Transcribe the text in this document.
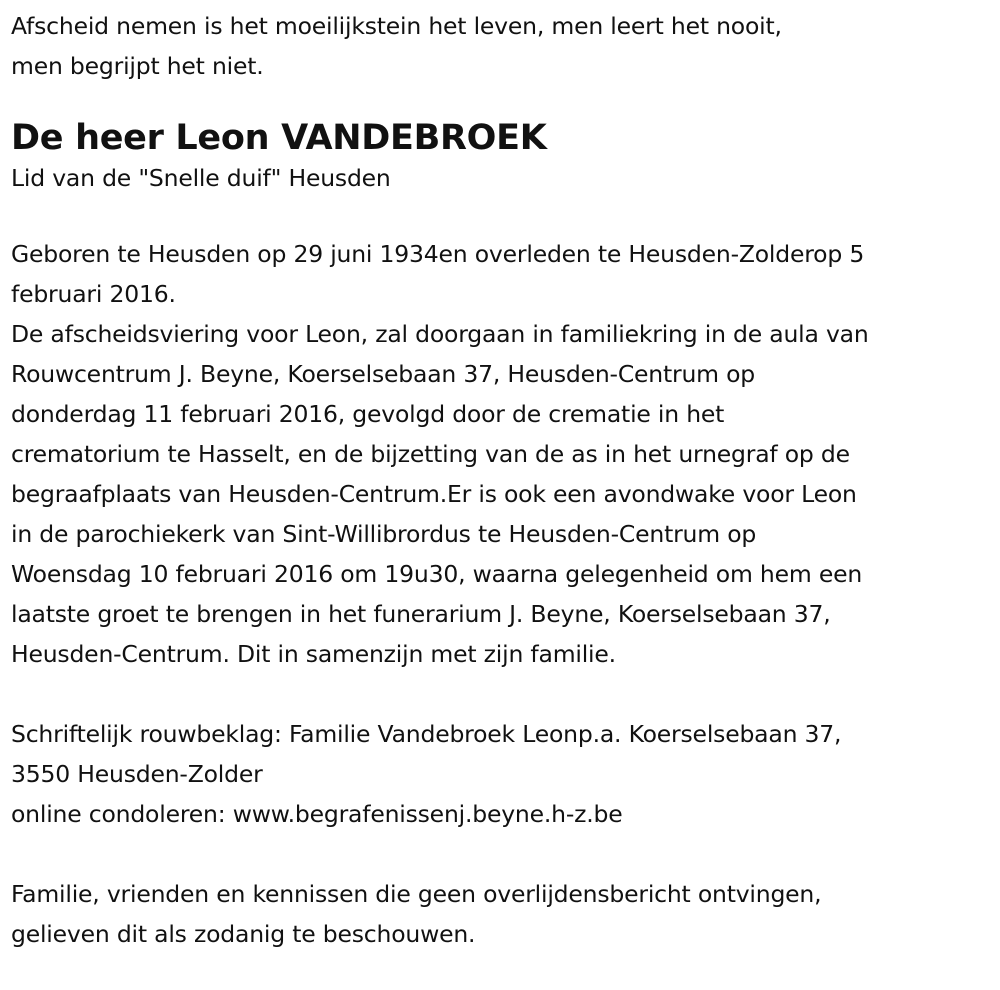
Afscheid nemen is het moeilijkstein het leven, men leert het nooit,
men begrijpt het niet.
De heer Leon VANDEBROEK
Lid van de "Snelle duif" Heusden
Geboren te Heusden op 29 juni 1934en overleden te Heusden-Zolderop 5
februari 2016.
De afscheidsviering voor Leon, zal doorgaan in familiekring in de aula van
Rouwcentrum J. Beyne, Koerselsebaan 37, Heusden-Centrum op
donderdag 11 februari 2016, gevolgd door de crematie in het
crematorium te Hasselt, en de bijzetting van de as in het urnegraf op de
begraafplaats van Heusden-Centrum.Er is ook een avondwake voor Leon
in de parochiekerk van Sint-Willibrordus te Heusden-Centrum op
Woensdag 10 februari 2016 om 19u30, waarna gelegenheid om hem een
laatste groet te brengen in het funerarium J. Beyne, Koerselsebaan 37,
Heusden-Centrum. Dit in samenzijn met zijn familie.
Schriftelijk rouwbeklag: Familie Vandebroek Leonp.a. Koerselsebaan 37,
3550 Heusden-Zolder
online condoleren: www.begrafenissenj.beyne.h-z.be
Familie, vrienden en kennissen die geen overlijdensbericht ontvingen,
gelieven dit als zodanig te beschouwen.
